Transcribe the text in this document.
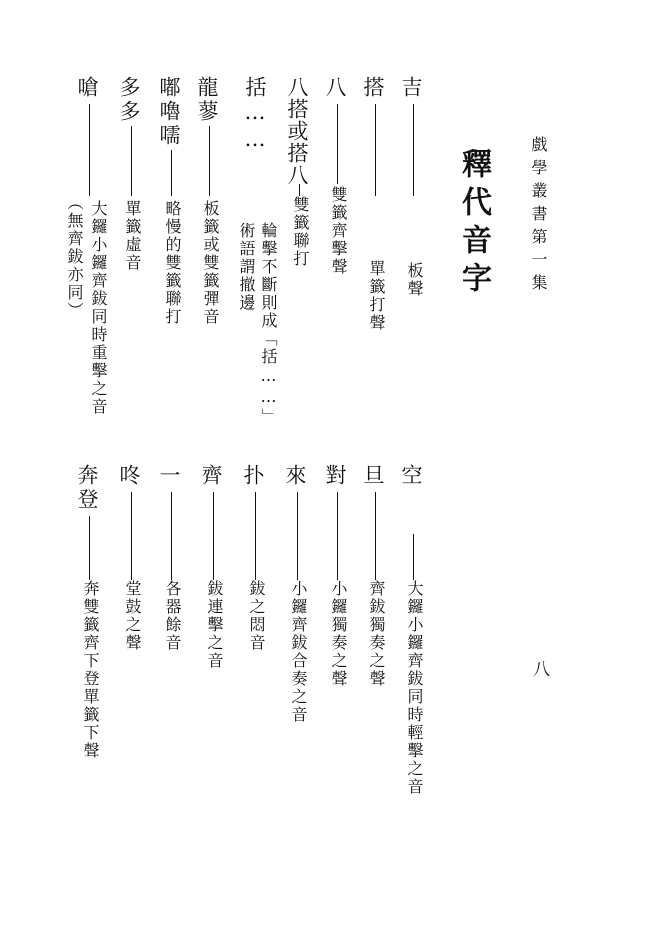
戲學叢書第一集
八
釋代音字
吉
板聲
搭
單籤打聲
八
雙籤齊擊聲
八搭或搭八
雙籤聯打
括……
輪擊不斷則成「括……」
術語謂撤邊
龍蓼
板籤或雙籤彈音
嘟嚕嚅
略慢的雙籤聯打
多多
單籤虛音
嗆
大鑼小鑼齊鈸同時重擊之音
（無齊鈸亦同）
空
大鑼小鑼齊鈸同時輕擊之音
旦
齊鈸獨奏之聲
對
小鑼獨奏之聲
來
小鑼齊鈸合奏之音
扑
鈸之悶音
齊
鈸連擊之音
一
各器餘音
咚
堂鼓之聲
奔登
奔雙籤齊下登單籤下聲
